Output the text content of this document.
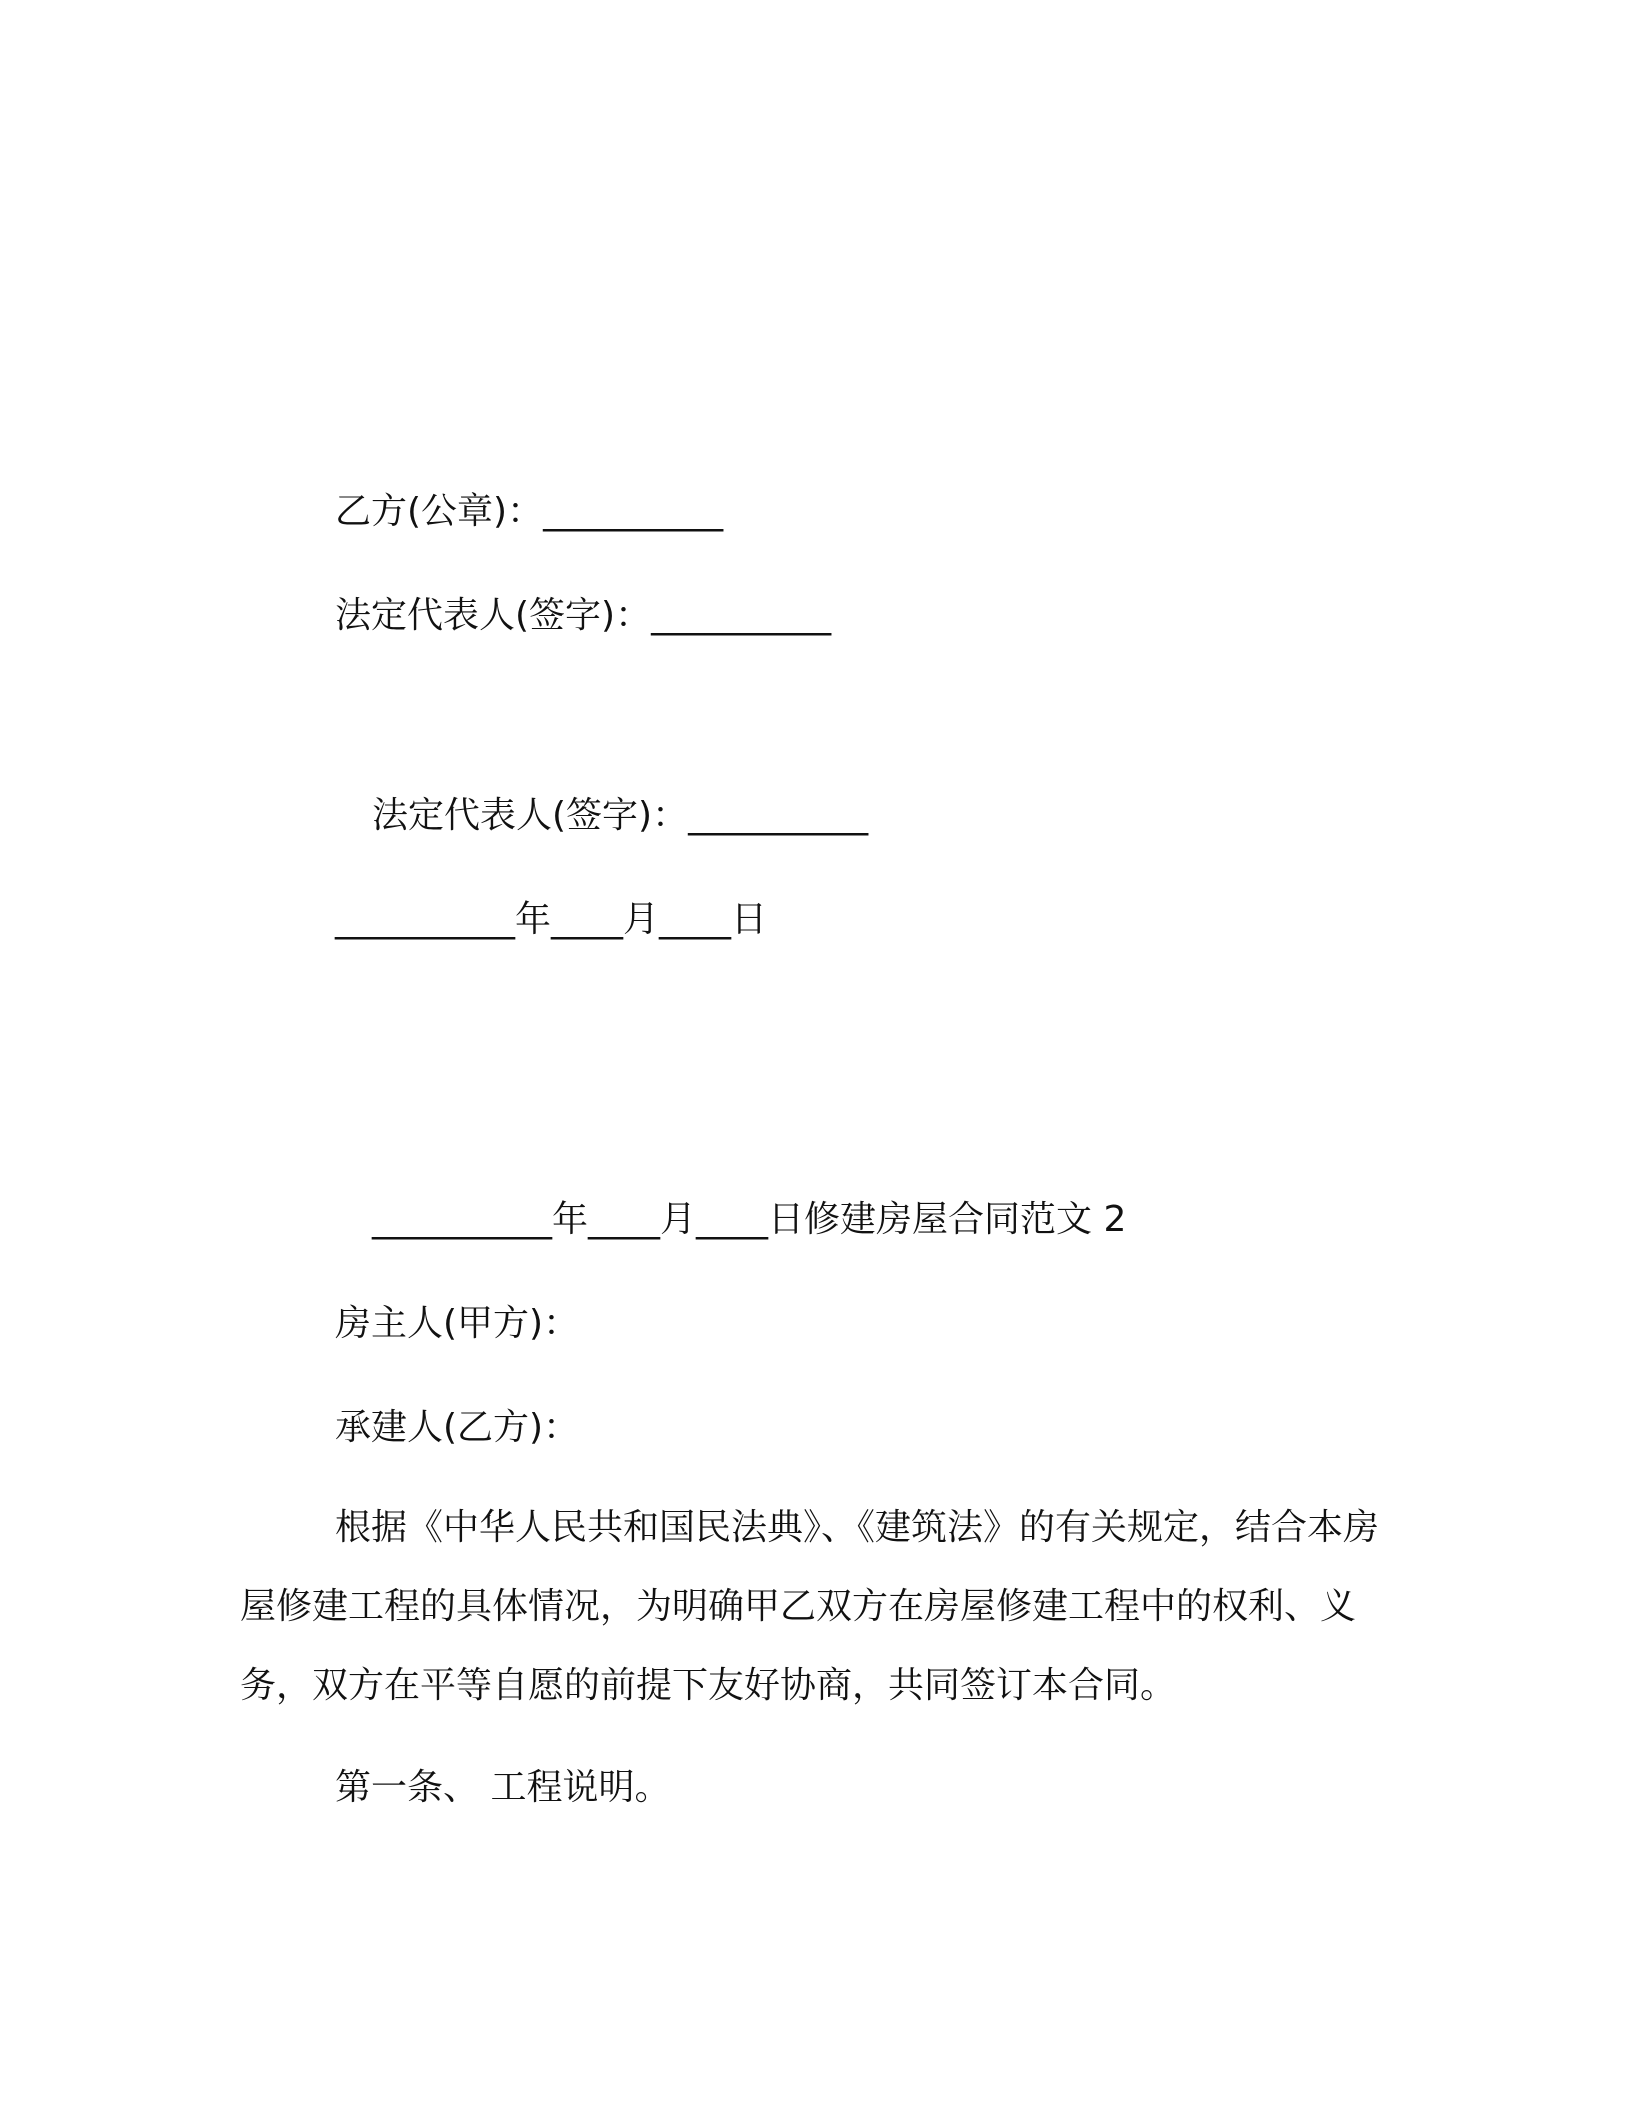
乙方(公章)：__________

法定代表人(签字)：__________

法定代表人(签字)：__________

__________年____月____日

__________年____月____日修建房屋合同范文 2

房主人(甲方)：

承建人(乙方)：

根据《中华人民共和国民法典》、《建筑法》的有关规定，结合本房屋修建工程的具体情况，为明确甲乙双方在房屋修建工程中的权利、义务，双方在平等自愿的前提下友好协商，共同签订本合同。

第一条、 工程说明。
